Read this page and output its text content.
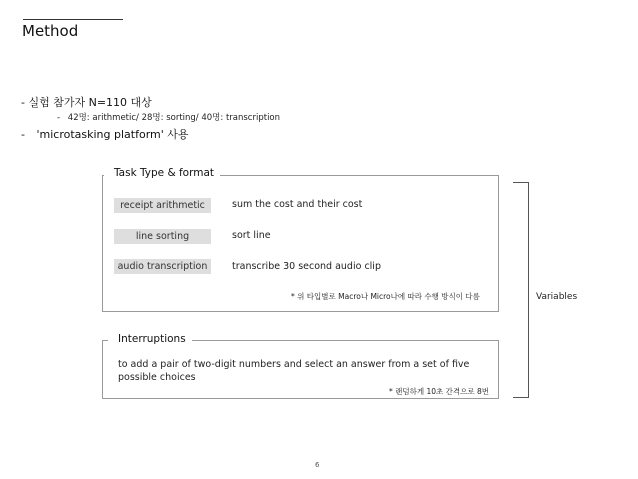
Method
- 실험 참가자 N=110 대상
- 42명: arithmetic/ 28명: sorting/ 40명: transcription
- 'microtasking platform' 사용
Task Type & format
receipt arithmetic	sum the cost and their cost
line sorting	sort line
audio transcription	transcribe 30 second audio clip
* 위 타입별로 Macro나 Micro나에 따라 수행 방식이 다름
Interruptions
to add a pair of two-digit numbers and select an answer from a set of five possible choices
* 랜덤하게 10초 간격으로 8번
Variables
6
